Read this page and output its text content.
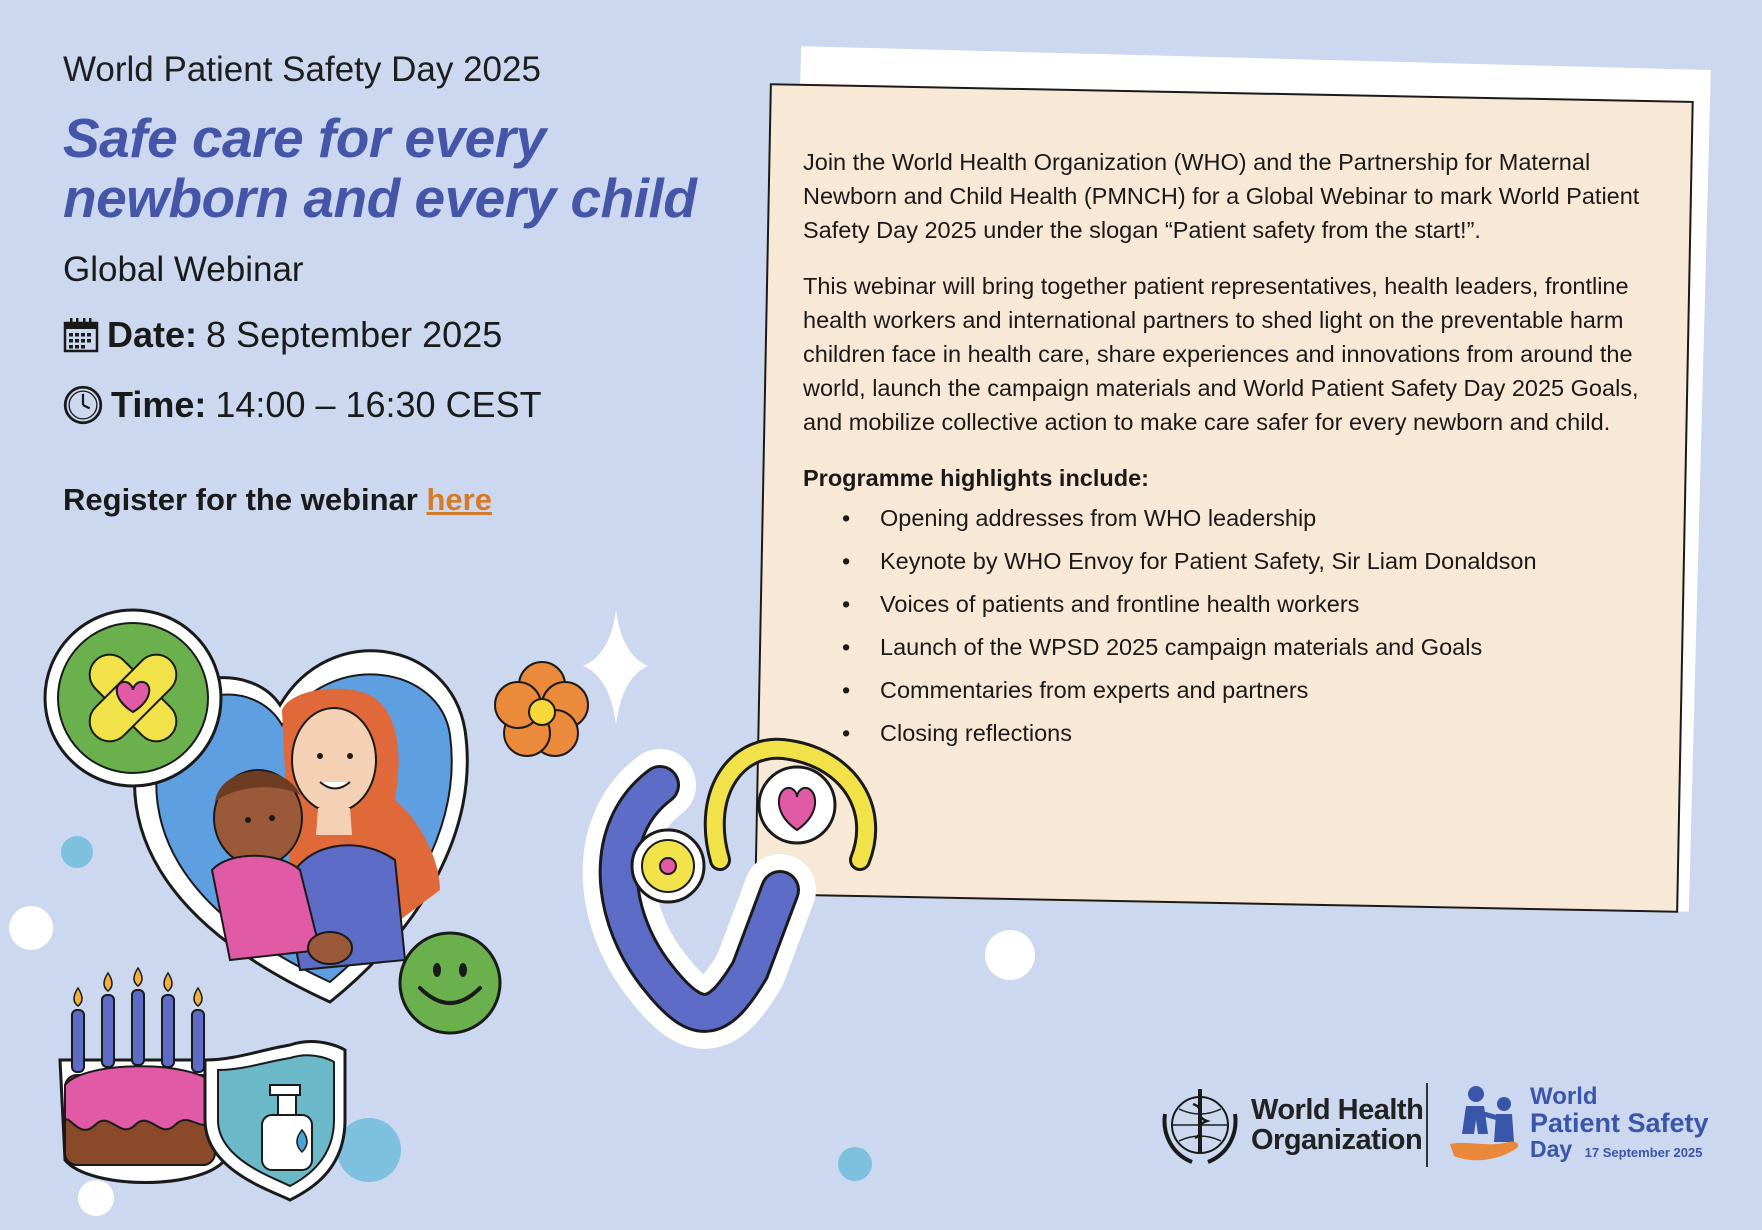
World Patient Safety Day 2025
Safe care for every
newborn and every child
Global Webinar
Date: 8 September 2025
Time: 14:00 – 16:30 CEST
Register for the webinar here

Join the World Health Organization (WHO) and the Partnership for Maternal Newborn and Child Health (PMNCH) for a Global Webinar to mark World Patient Safety Day 2025 under the slogan “Patient safety from the start!”.

This webinar will bring together patient representatives, health leaders, frontline health workers and international partners to shed light on the preventable harm children face in health care, share experiences and innovations from around the world, launch the campaign materials and World Patient Safety Day 2025 Goals, and mobilize collective action to make care safer for every newborn and child.

Programme highlights include:
• Opening addresses from WHO leadership
• Keynote by WHO Envoy for Patient Safety, Sir Liam Donaldson
• Voices of patients and frontline health workers
• Launch of the WPSD 2025 campaign materials and Goals
• Commentaries from experts and partners
• Closing reflections
World Health
Organization
World
Patient Safety
Day 17 September 2025
